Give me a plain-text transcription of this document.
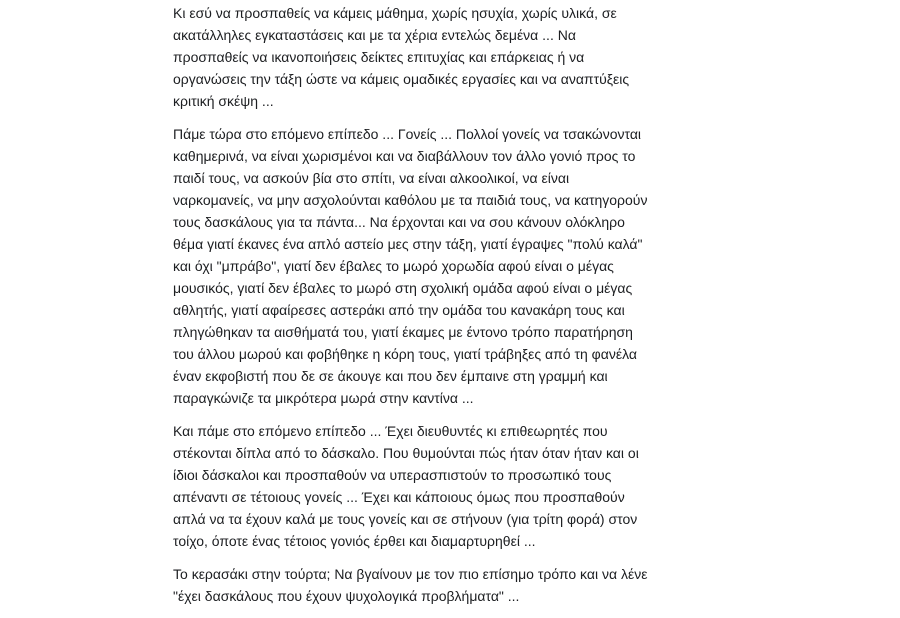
Κι εσύ να προσπαθείς να κάμεις μάθημα, χωρίς ησυχία, χωρίς υλικά, σε
ακατάλληλες εγκαταστάσεις και με τα χέρια εντελώς δεμένα ... Να
προσπαθείς να ικανοποιήσεις δείκτες επιτυχίας και επάρκειας ή να
οργανώσεις την τάξη ώστε να κάμεις ομαδικές εργασίες και να αναπτύξεις
κριτική σκέψη ...
Πάμε τώρα στο επόμενο επίπεδο ... Γονείς ... Πολλοί γονείς να τσακώνονται
καθημερινά, να είναι χωρισμένοι και να διαβάλλουν τον άλλο γονιό προς το
παιδί τους, να ασκούν βία στο σπίτι, να είναι αλκοολικοί, να είναι
ναρκομανείς, να μην ασχολούνται καθόλου με τα παιδιά τους, να κατηγορούν
τους δασκάλους για τα πάντα... Να έρχονται και να σου κάνουν ολόκληρο
θέμα γιατί έκανες ένα απλό αστείο μες στην τάξη, γιατί έγραψες "πολύ καλά"
και όχι "μπράβο", γιατί δεν έβαλες το μωρό χορωδία αφού είναι ο μέγας
μουσικός, γιατί δεν έβαλες το μωρό στη σχολική ομάδα αφού είναι ο μέγας
αθλητής, γιατί αφαίρεσες αστεράκι από την ομάδα του κανακάρη τους και
πληγώθηκαν τα αισθήματά του, γιατί έκαμες με έντονο τρόπο παρατήρηση
του άλλου μωρού και φοβήθηκε η κόρη τους, γιατί τράβηξες από τη φανέλα
έναν εκφοβιστή που δε σε άκουγε και που δεν έμπαινε στη γραμμή και
παραγκώνιζε τα μικρότερα μωρά στην καντίνα ...
Και πάμε στο επόμενο επίπεδο ... Έχει διευθυντές κι επιθεωρητές που
στέκονται δίπλα από το δάσκαλο. Που θυμούνται πώς ήταν όταν ήταν και οι
ίδιοι δάσκαλοι και προσπαθούν να υπερασπιστούν το προσωπικό τους
απέναντι σε τέτοιους γονείς ... Έχει και κάποιους όμως που προσπαθούν
απλά να τα έχουν καλά με τους γονείς και σε στήνουν (για τρίτη φορά) στον
τοίχο, όποτε ένας τέτοιος γονιός έρθει και διαμαρτυρηθεί ...
Το κερασάκι στην τούρτα; Να βγαίνουν με τον πιο επίσημο τρόπο και να λένε
"έχει δασκάλους που έχουν ψυχολογικά προβλήματα" ...
